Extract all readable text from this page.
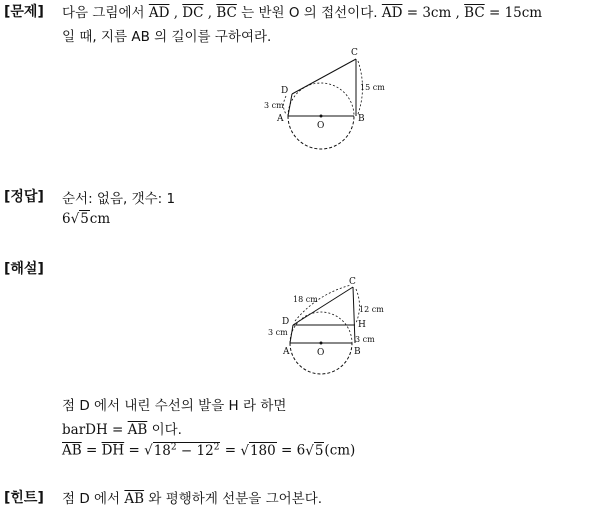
[문제] 다음 그림에서 $\overline{AD}$ , $\overline{DC}$ , $\overline{BC}$ 는 반원 O 의 접선이다. $\overline{AD} = 3cm$ , $\overline{BC} = 15cm$
일 때, 지름 AB 의 길이를 구하여라.
C
D
A	B
O
3 cm
15 cm
[정답] 순서: 없음, 갯수: 1
6√5cm
[해설]
C
D
A	B
O
H
18 cm
12 cm
3 cm
3 cm
점 D 에서 내린 수선의 발을 H 라 하면
barDH = $\overline{AB}$ 이다.
$\overline{AB} = \overline{DH} = √18^2 - 12^2 = √180 = 6√5(cm)$
[힌트] 점 D 에서 $\overline{AB}$ 와 평행하게 선분을 그어본다.
